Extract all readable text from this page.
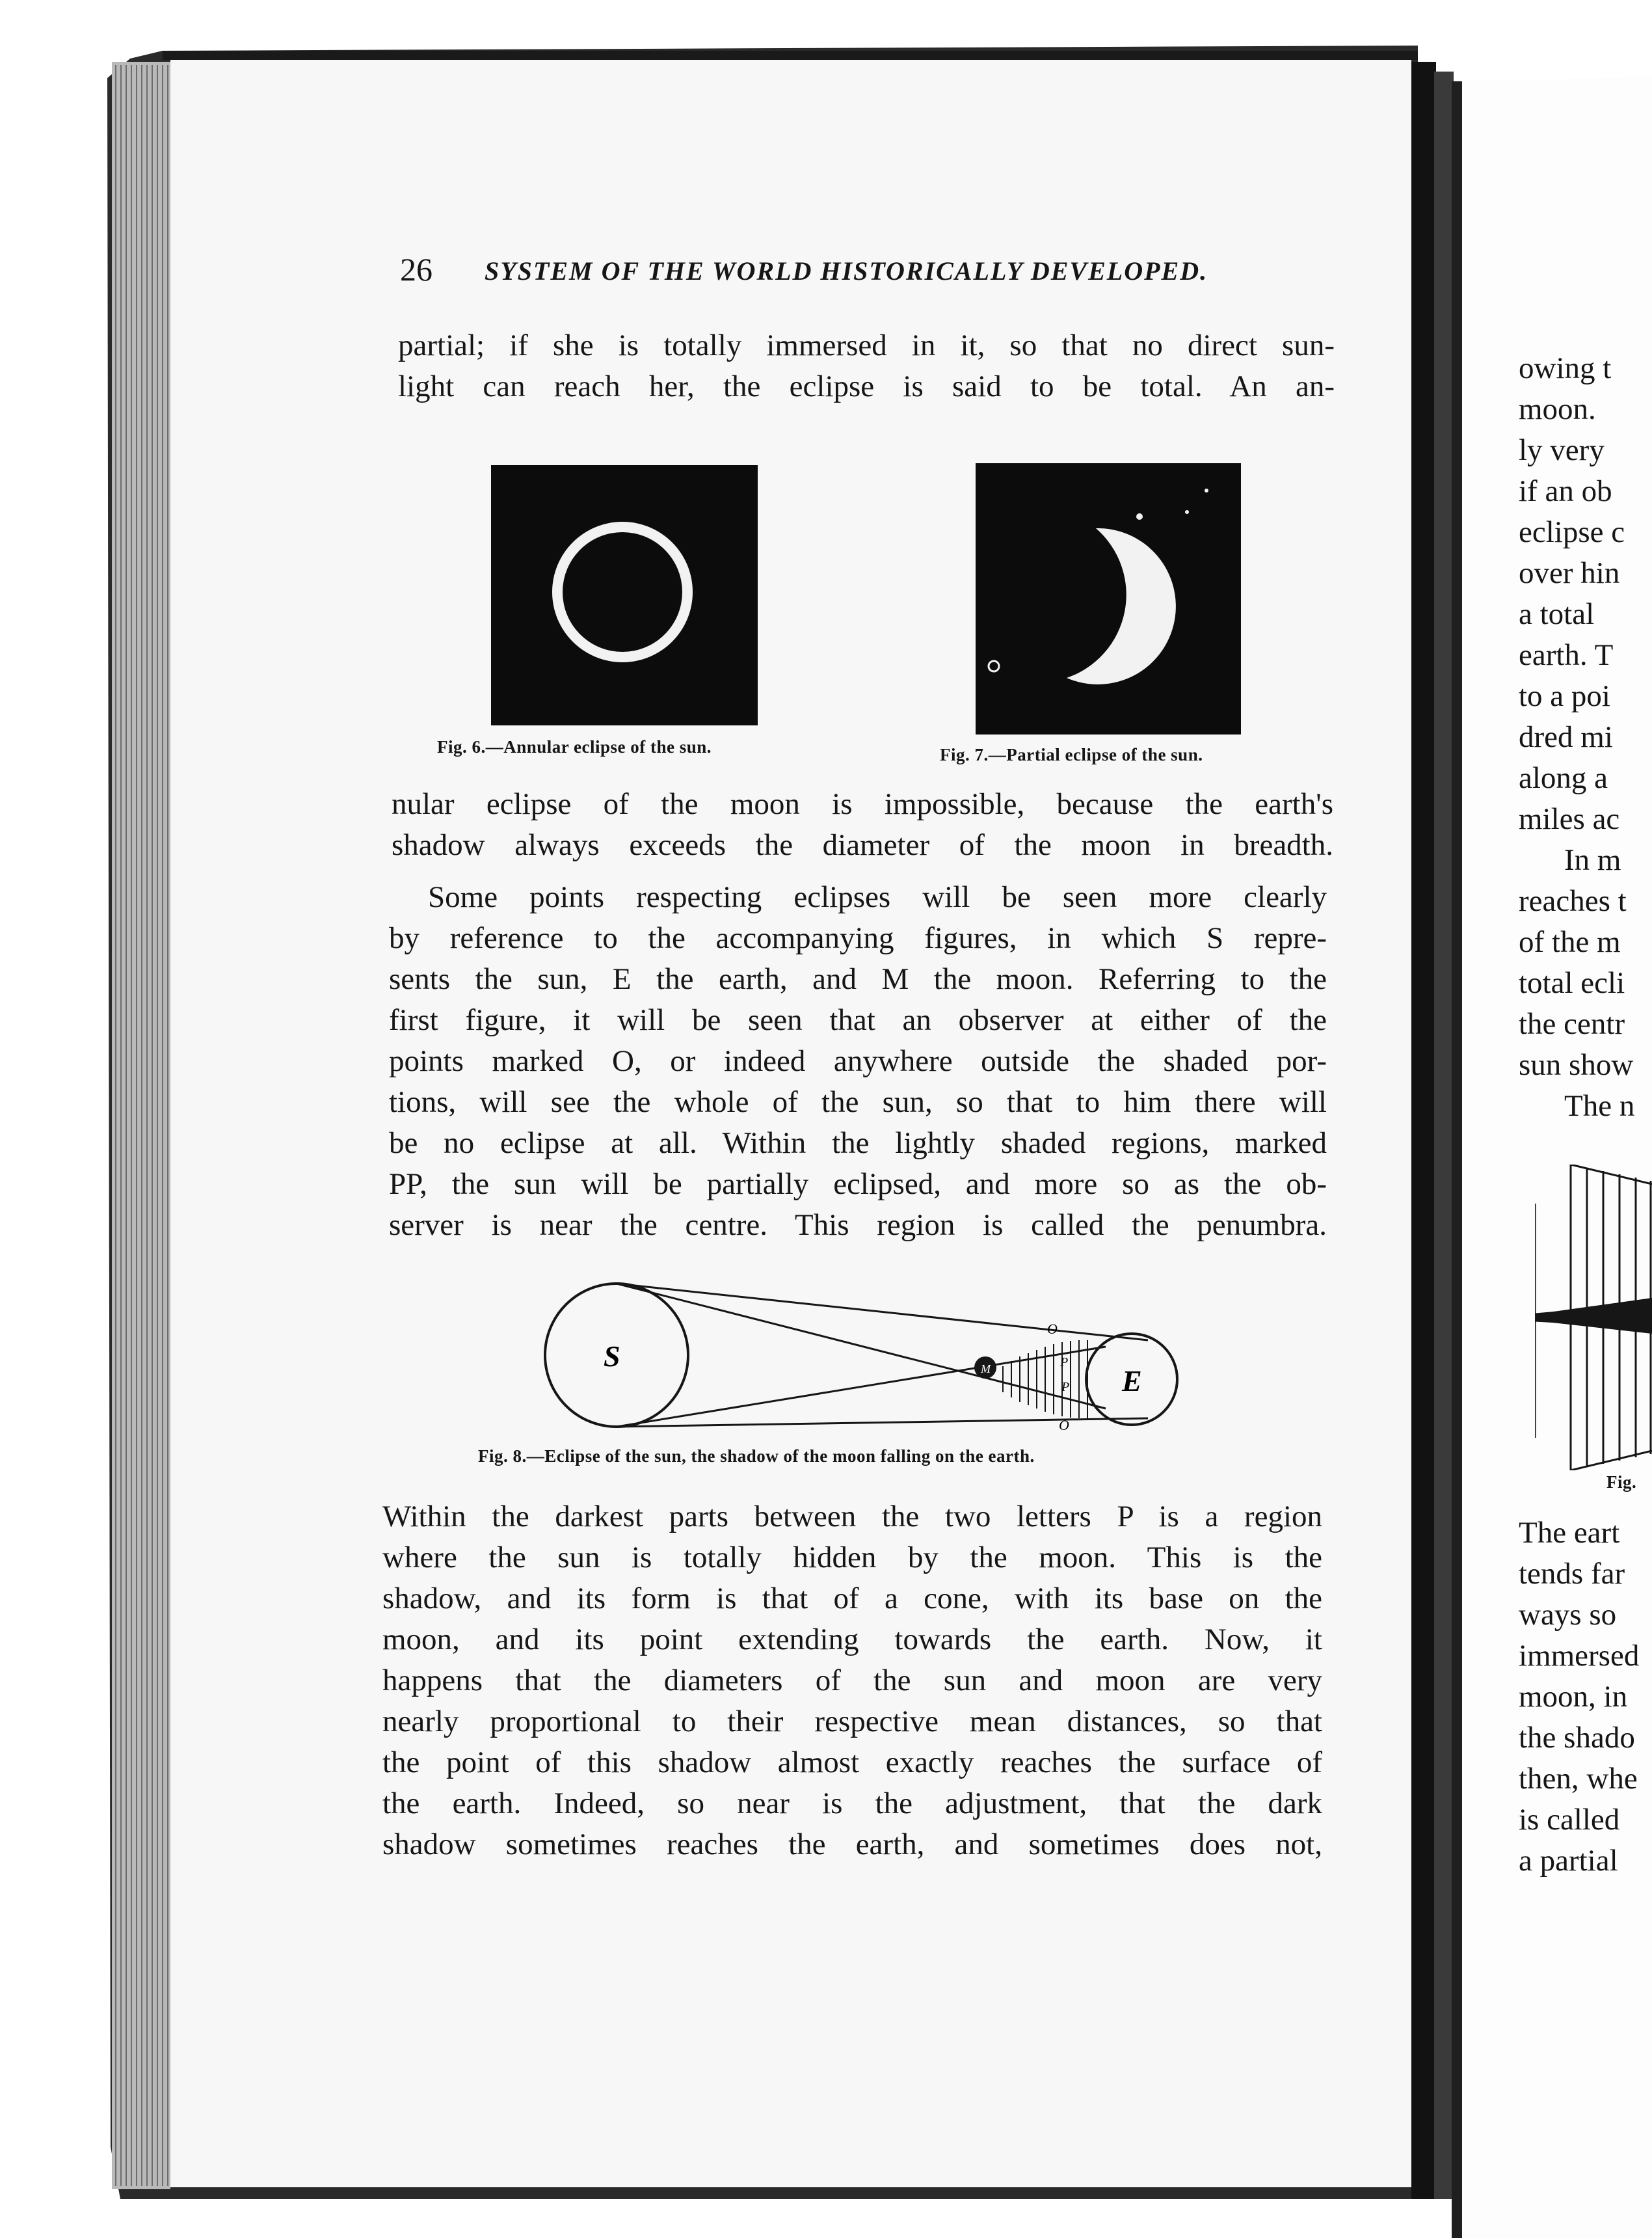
26 SYSTEM OF THE WORLD HISTORICALLY DEVELOPED.
partial; if she is totally immersed in it, so that no direct sun-
light can reach her, the eclipse is said to be total. An an-
Fig. 6.—Annular eclipse of the sun.	Fig. 7.—Partial eclipse of the sun.
nular eclipse of the moon is impossible, because the earth's
shadow always exceeds the diameter of the moon in breadth.
Some points respecting eclipses will be seen more clearly
by reference to the accompanying figures, in which S repre-
sents the sun, E the earth, and M the moon. Referring to the
first figure, it will be seen that an observer at either of the
points marked O, or indeed anywhere outside the shaded por-
tions, will see the whole of the sun, so that to him there will
be no eclipse at all. Within the lightly shaded regions, marked
PP, the sun will be partially eclipsed, and more so as the ob-
server is near the centre. This region is called the penumbra.
S
E
M
O
O
P
P
Fig. 8.—Eclipse of the sun, the shadow of the moon falling on the earth.
Within the darkest parts between the two letters P is a region
where the sun is totally hidden by the moon. This is the
shadow, and its form is that of a cone, with its base on the
moon, and its point extending towards the earth. Now, it
happens that the diameters of the sun and moon are very
nearly proportional to their respective mean distances, so that
the point of this shadow almost exactly reaches the surface of
the earth. Indeed, so near is the adjustment, that the dark
shadow sometimes reaches the earth, and sometimes does not,
owing t
moon.
ly very
if an ob
eclipse c
over hin
a total
earth. T
to a poi
dred mi
along a
miles ac
In m
reaches t
of the m
total ecli
the centr
sun show
The n
Fig.
The eart
tends far
ways so
immersed
moon, in
the shado
then, whe
is called
a partial
